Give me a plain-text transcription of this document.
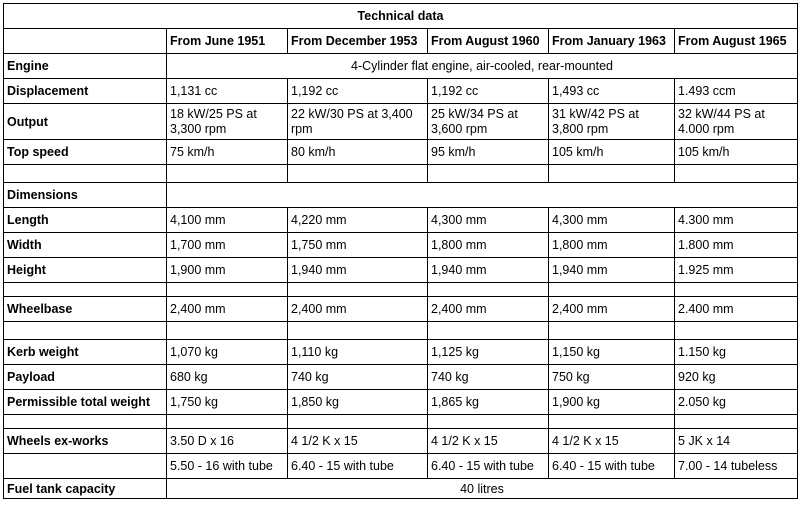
Technical data					
	From June 1951	From December 1953	From August 1960	From January 1963	From August 1965
Engine	4-Cylinder flat engine, air-cooled, rear-mounted				
Displacement	1,131 cc	1,192 cc	1,192 cc	1,493 cc	1.493 ccm
Output	18 kW/25 PS at 3,300 rpm	22 kW/30 PS at 3,400 rpm	25 kW/34 PS at 3,600 rpm	31 kW/42 PS at 3,800 rpm	32 kW/44 PS at 4.000 rpm
Top speed	75 km/h	80 km/h	95 km/h	105 km/h	105 km/h

Dimensions					
Length	4,100 mm	4,220 mm	4,300 mm	4,300 mm	4.300 mm
Width	1,700 mm	1,750 mm	1,800 mm	1,800 mm	1.800 mm
Height	1,900 mm	1,940 mm	1,940 mm	1,940 mm	1.925 mm

Wheelbase	2,400 mm	2,400 mm	2,400 mm	2,400 mm	2.400 mm

Kerb weight	1,070 kg	1,110 kg	1,125 kg	1,150 kg	1.150 kg
Payload	680 kg	740 kg	740 kg	750 kg	920 kg
Permissible total weight	1,750 kg	1,850 kg	1,865 kg	1,900 kg	2.050 kg

Wheels ex-works	3.50 D x 16	4 1/2 K x 15	4 1/2 K x 15	4 1/2 K x 15	5 JK x 14
	5.50 - 16 with tube	6.40 - 15 with tube	6.40 - 15 with tube	6.40 - 15 with tube	7.00 - 14 tubeless
Fuel tank capacity	40 litres				
